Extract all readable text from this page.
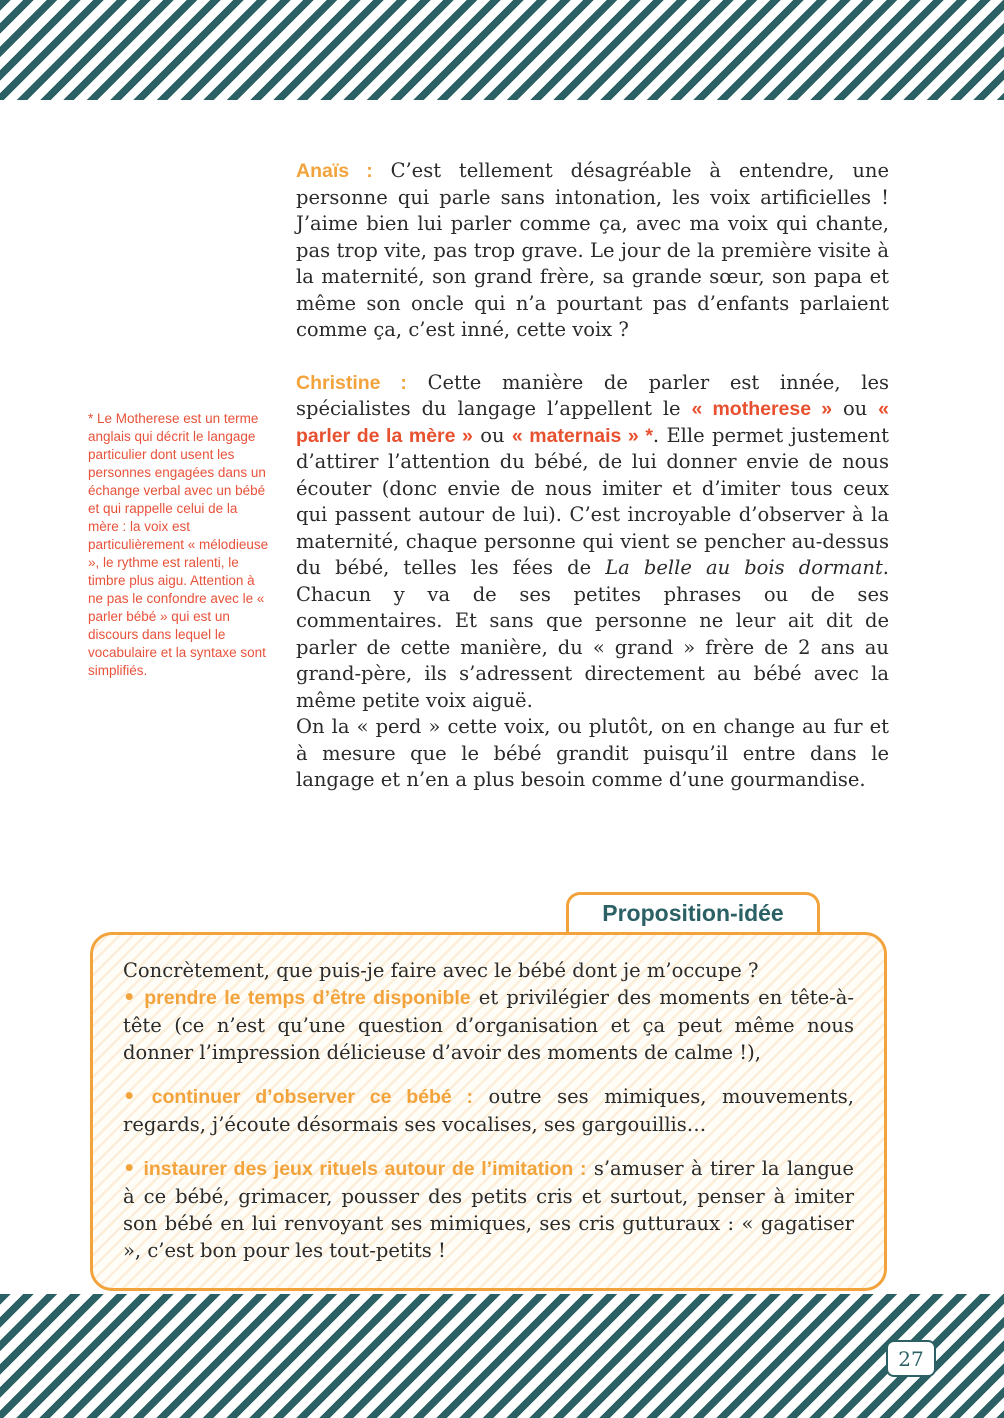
* Le Motherese est un terme anglais qui décrit le langage particulier dont usent les personnes engagées dans un échange verbal avec un bébé et qui rappelle celui de la mère : la voix est particulièrement « mélodieuse », le rythme est ralenti, le timbre plus aigu. Attention à ne pas le confondre avec le « parler bébé » qui est un discours dans lequel le vocabulaire et la syntaxe sont simplifiés.

Anaïs : C’est tellement désagréable à entendre, une personne qui parle sans intonation, les voix artificielles ! J’aime bien lui parler comme ça, avec ma voix qui chante, pas trop vite, pas trop grave. Le jour de la première visite à la maternité, son grand frère, sa grande sœur, son papa et même son oncle qui n’a pourtant pas d’enfants parlaient comme ça, c’est inné, cette voix ?

Christine : Cette manière de parler est innée, les spécialistes du langage l’appellent le « motherese » ou « parler de la mère » ou « maternais » *. Elle permet justement d’attirer l’attention du bébé, de lui donner envie de nous écouter (donc envie de nous imiter et d’imiter tous ceux qui passent autour de lui). C’est incroyable d’observer à la maternité, chaque personne qui vient se pencher au-dessus du bébé, telles les fées de La belle au bois dormant. Chacun y va de ses petites phrases ou de ses commentaires. Et sans que personne ne leur ait dit de parler de cette manière, du « grand » frère de 2 ans au grand-père, ils s’adressent directement au bébé avec la même petite voix aiguë.

On la « perd » cette voix, ou plutôt, on en change au fur et à mesure que le bébé grandit puisqu’il entre dans le langage et n’en a plus besoin comme d’une gourmandise.

Proposition-idée

Concrètement, que puis-je faire avec le bébé dont je m’occupe ?

• prendre le temps d’être disponible et privilégier des moments en tête-à-tête (ce n’est qu’une question d’organisation et ça peut même nous donner l’impression délicieuse d’avoir des moments de calme !),

• continuer d’observer ce bébé : outre ses mimiques, mouvements, regards, j’écoute désormais ses vocalises, ses gargouillis…

• instaurer des jeux rituels autour de l’imitation : s’amuser à tirer la langue à ce bébé, grimacer, pousser des petits cris et surtout, penser à imiter son bébé en lui renvoyant ses mimiques, ses cris gutturaux : « gagatiser », c’est bon pour les tout-petits !

27
